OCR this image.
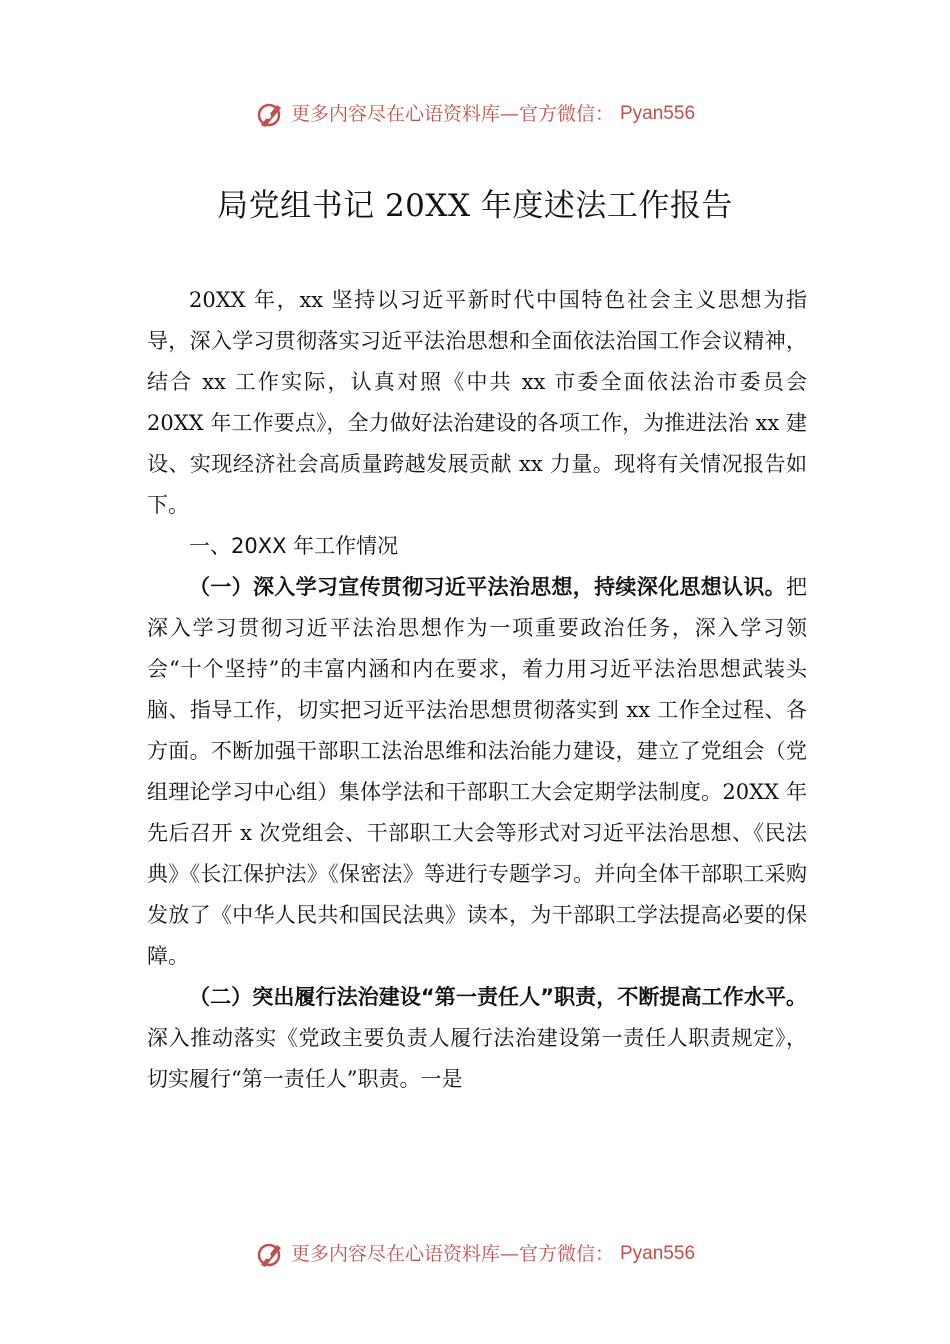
更多内容尽在心语资料库—官方微信： Pyan556
局党组书记 20XX 年度述法工作报告

20XX 年，xx 坚持以习近平新时代中国特色社会主义思想为指导，深入学习贯彻落实习近平法治思想和全面依法治国工作会议精神，结合 xx 工作实际，认真对照《中共 xx 市委全面依法治市委员会 20XX 年工作要点》，全力做好法治建设的各项工作，为推进法治 xx 建设、实现经济社会高质量跨越发展贡献 xx 力量。现将有关情况报告如下。

一、20XX 年工作情况

（一）深入学习宣传贯彻习近平法治思想，持续深化思想认识。把深入学习贯彻习近平法治思想作为一项重要政治任务，深入学习领会“十个坚持”的丰富内涵和内在要求，着力用习近平法治思想武装头脑、指导工作，切实把习近平法治思想贯彻落实到 xx 工作全过程、各方面。不断加强干部职工法治思维和法治能力建设，建立了党组会（党组理论学习中心组）集体学法和干部职工大会定期学法制度。20XX 年先后召开 x 次党组会、干部职工大会等形式对习近平法治思想、《民法典》《长江保护法》《保密法》等进行专题学习。并向全体干部职工采购发放了《中华人民共和国民法典》读本，为干部职工学法提高必要的保障。

（二）突出履行法治建设“第一责任人”职责，不断提高工作水平。深入推动落实《党政主要负责人履行法治建设第一责任人职责规定》，切实履行“第一责任人”职责。一是

更多内容尽在心语资料库—官方微信： Pyan556
